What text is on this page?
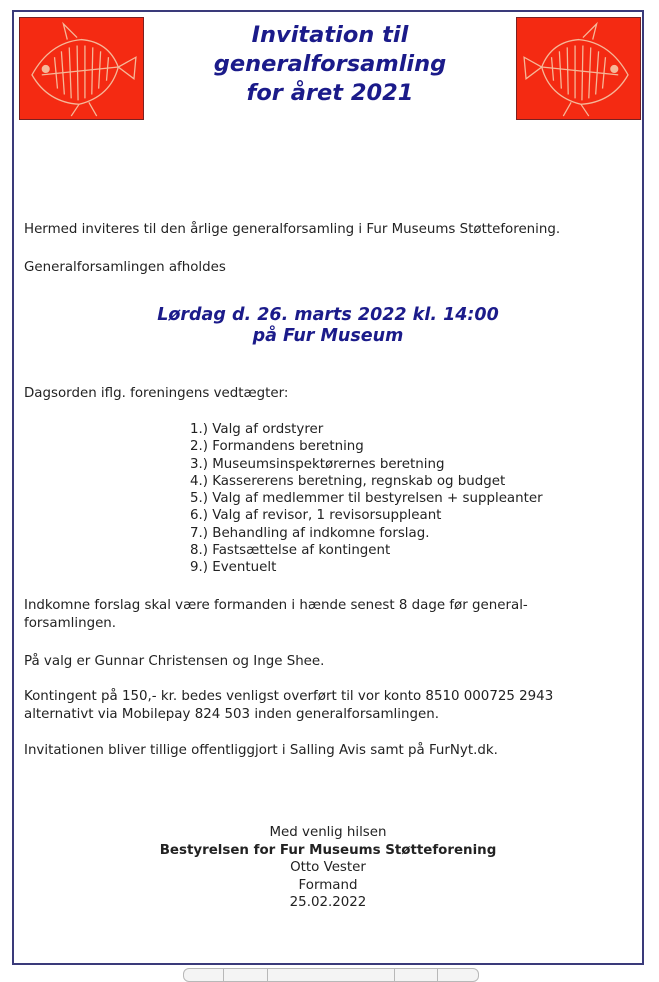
Invitation til
generalforsamling
for året 2021
Hermed inviteres til den årlige generalforsamling i Fur Museums Støtteforening.
Generalforsamlingen afholdes
Lørdag d. 26. marts 2022 kl. 14:00
på Fur Museum
Dagsorden iflg. foreningens vedtægter:
1.) Valg af ordstyrer
2.) Formandens beretning
3.) Museumsinspektørernes beretning
4.) Kassererens beretning, regnskab og budget
5.) Valg af medlemmer til bestyrelsen + suppleanter
6.) Valg af revisor, 1 revisorsuppleant
7.) Behandling af indkomne forslag.
8.) Fastsættelse af kontingent
9.) Eventuelt
Indkomne forslag skal være formanden i hænde senest 8 dage før general-
forsamlingen.
På valg er Gunnar Christensen og Inge Shee.
Kontingent på 150,- kr. bedes venligst overført til vor konto 8510 000725 2943
alternativt via Mobilepay 824 503 inden generalforsamlingen.
Invitationen bliver tillige offentliggjort i Salling Avis samt på FurNyt.dk.
Med venlig hilsen
Bestyrelsen for Fur Museums Støtteforening
Otto Vester
Formand
25.02.2022
